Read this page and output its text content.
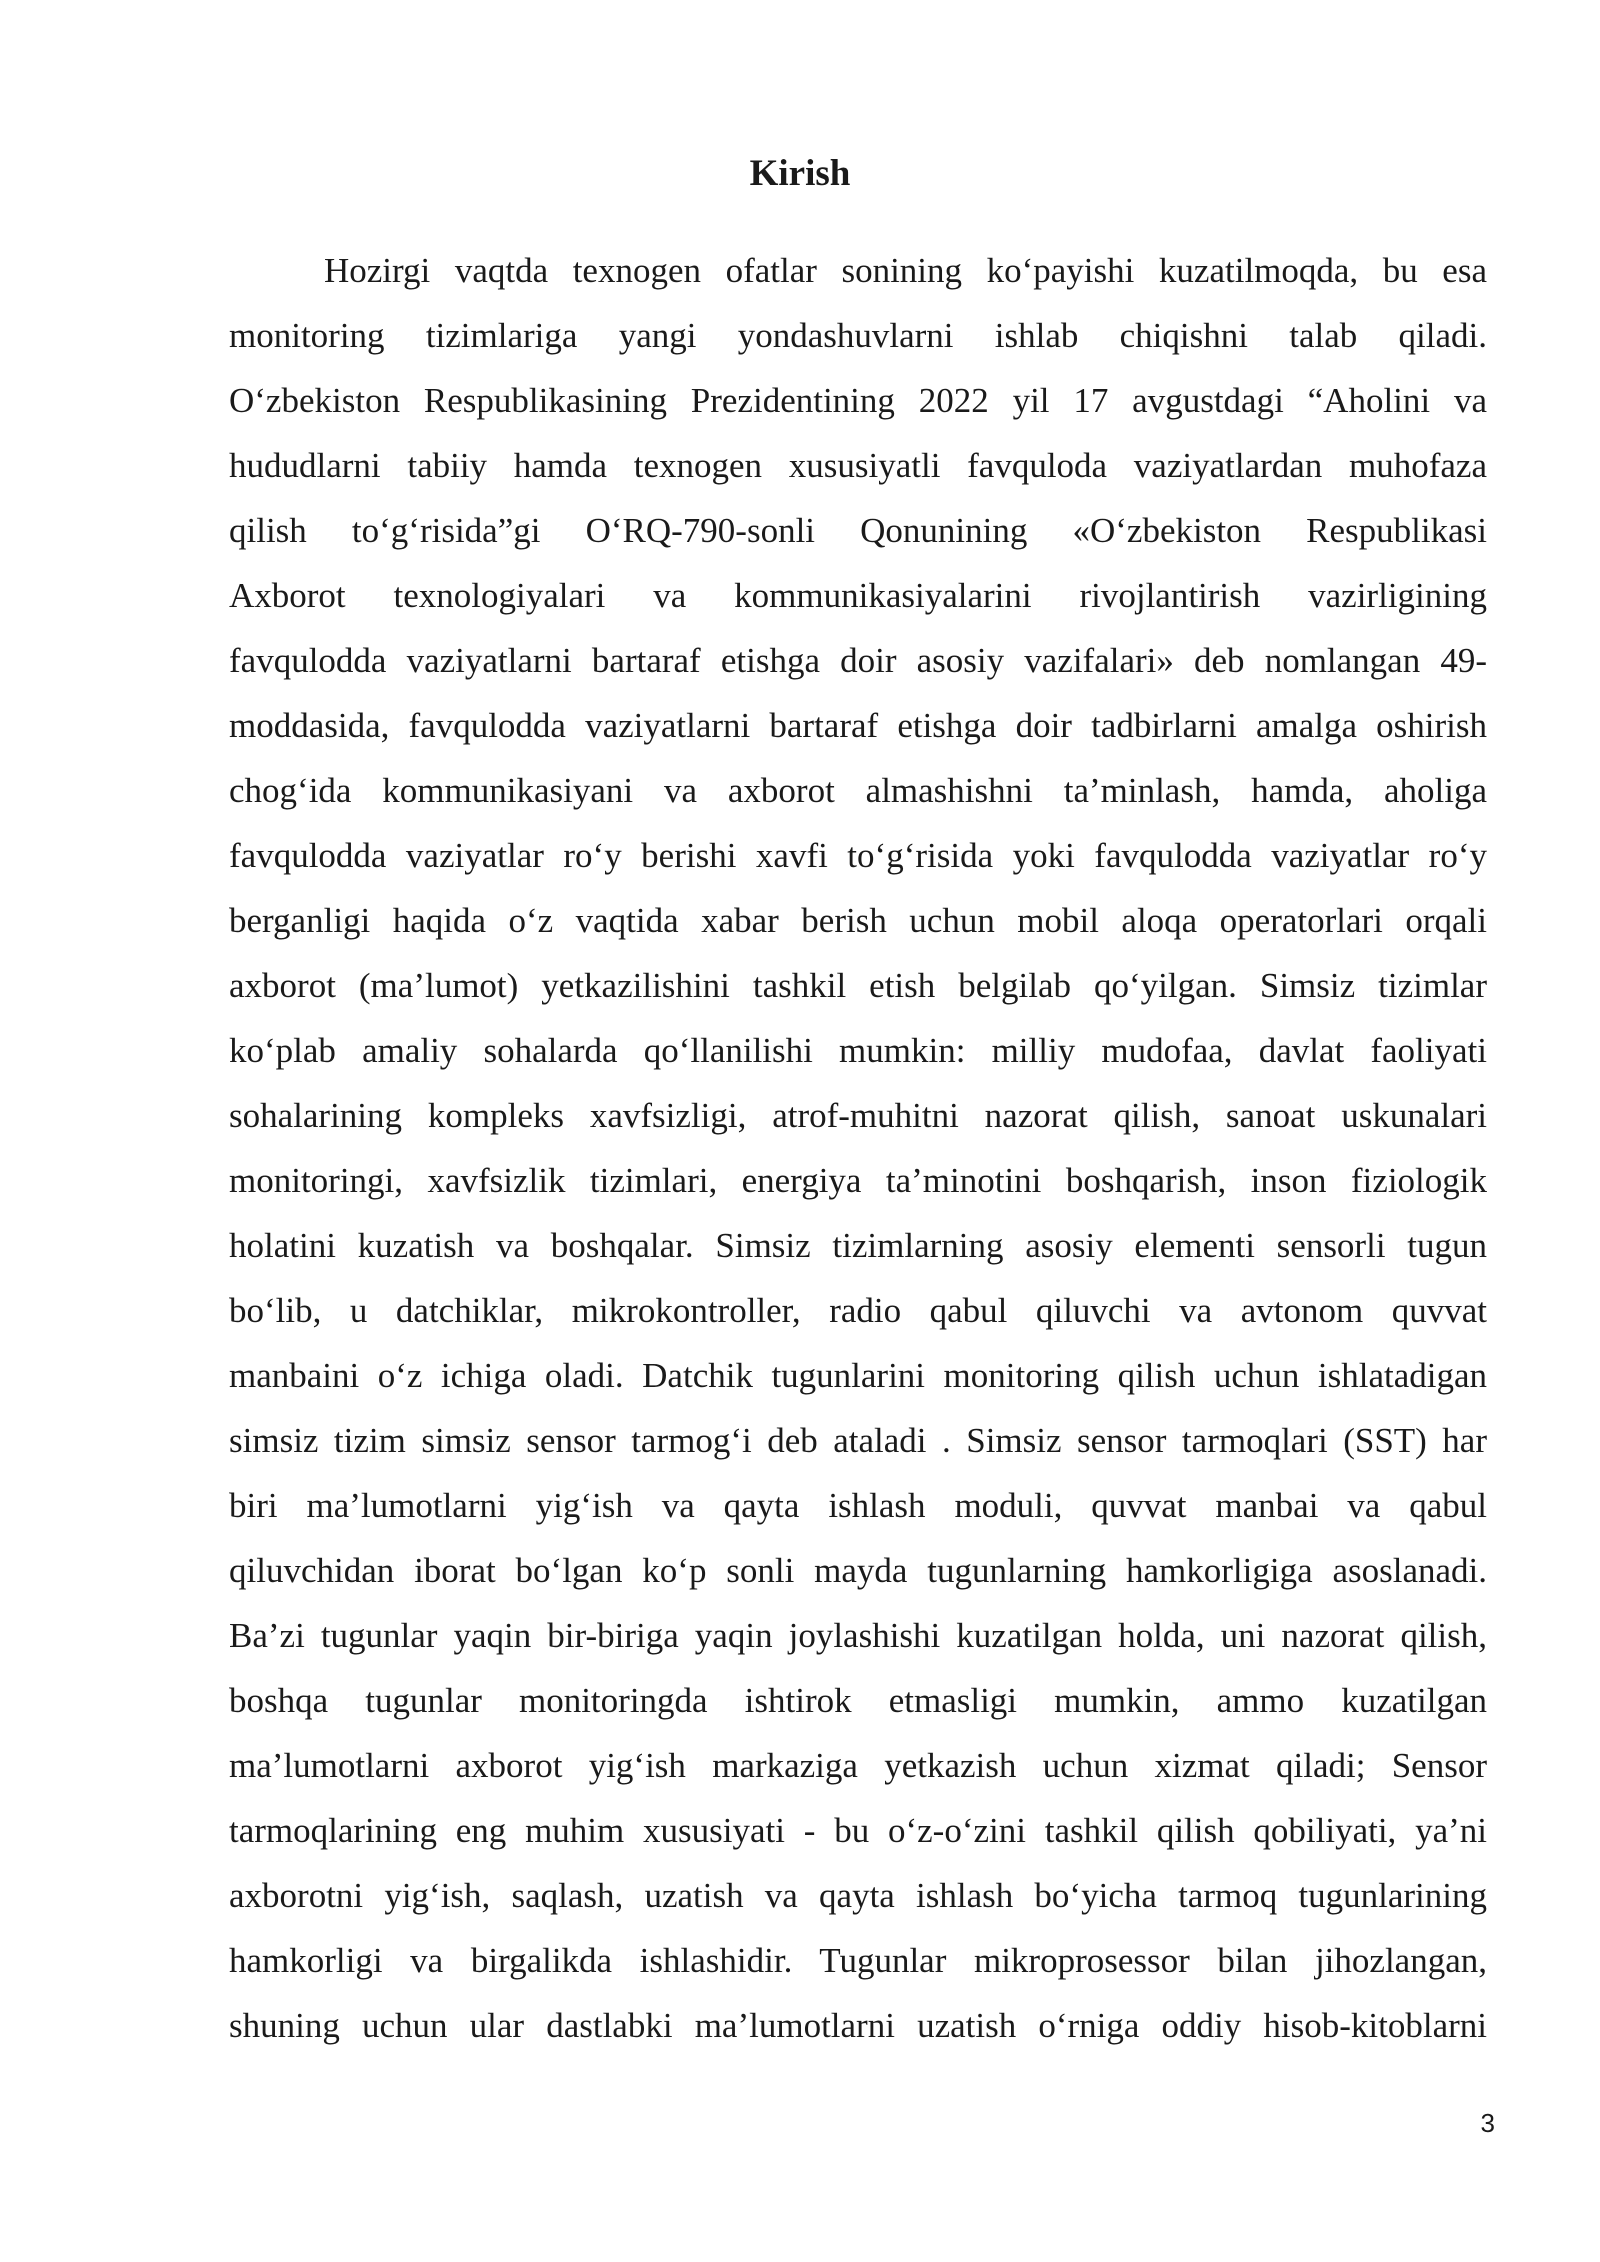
Kirish
Hozirgi vaqtda texnogen ofatlar sonining ko‘payishi kuzatilmoqda, bu esa
monitoring tizimlariga yangi yondashuvlarni ishlab chiqishni talab qiladi.
O‘zbekiston Respublikasining Prezidentining 2022 yil 17 avgustdagi “Aholini va
hududlarni tabiiy hamda texnogen xususiyatli favquloda vaziyatlardan muhofaza
qilish to‘g‘risida”gi O‘RQ-790-sonli Qonunining «O‘zbekiston Respublikasi
Axborot texnologiyalari va kommunikasiyalarini rivojlantirish vazirligining
favqulodda vaziyatlarni bartaraf etishga doir asosiy vazifalari» deb nomlangan 49-
moddasida, favqulodda vaziyatlarni bartaraf etishga doir tadbirlarni amalga oshirish
chog‘ida kommunikasiyani va axborot almashishni ta’minlash, hamda, aholiga
favqulodda vaziyatlar ro‘y berishi xavfi to‘g‘risida yoki favqulodda vaziyatlar ro‘y
berganligi haqida o‘z vaqtida xabar berish uchun mobil aloqa operatorlari orqali
axborot (ma’lumot) yetkazilishini tashkil etish belgilab qo‘yilgan. Simsiz tizimlar
ko‘plab amaliy sohalarda qo‘llanilishi mumkin: milliy mudofaa, davlat faoliyati
sohalarining kompleks xavfsizligi, atrof-muhitni nazorat qilish, sanoat uskunalari
monitoringi, xavfsizlik tizimlari, energiya ta’minotini boshqarish, inson fiziologik
holatini kuzatish va boshqalar. Simsiz tizimlarning asosiy elementi sensorli tugun
bo‘lib, u datchiklar, mikrokontroller, radio qabul qiluvchi va avtonom quvvat
manbaini o‘z ichiga oladi. Datchik tugunlarini monitoring qilish uchun ishlatadigan
simsiz tizim simsiz sensor tarmog‘i deb ataladi . Simsiz sensor tarmoqlari (SST) har
biri ma’lumotlarni yig‘ish va qayta ishlash moduli, quvvat manbai va qabul
qiluvchidan iborat bo‘lgan ko‘p sonli mayda tugunlarning hamkorligiga asoslanadi.
Ba’zi tugunlar yaqin bir-biriga yaqin joylashishi kuzatilgan holda, uni nazorat qilish,
boshqa tugunlar monitoringda ishtirok etmasligi mumkin, ammo kuzatilgan
ma’lumotlarni axborot yig‘ish markaziga yetkazish uchun xizmat qiladi; Sensor
tarmoqlarining eng muhim xususiyati - bu o‘z-o‘zini tashkil qilish qobiliyati, ya’ni
axborotni yig‘ish, saqlash, uzatish va qayta ishlash bo‘yicha tarmoq tugunlarining
hamkorligi va birgalikda ishlashidir. Tugunlar mikroprosessor bilan jihozlangan,
shuning uchun ular dastlabki ma’lumotlarni uzatish o‘rniga oddiy hisob-kitoblarni

3
